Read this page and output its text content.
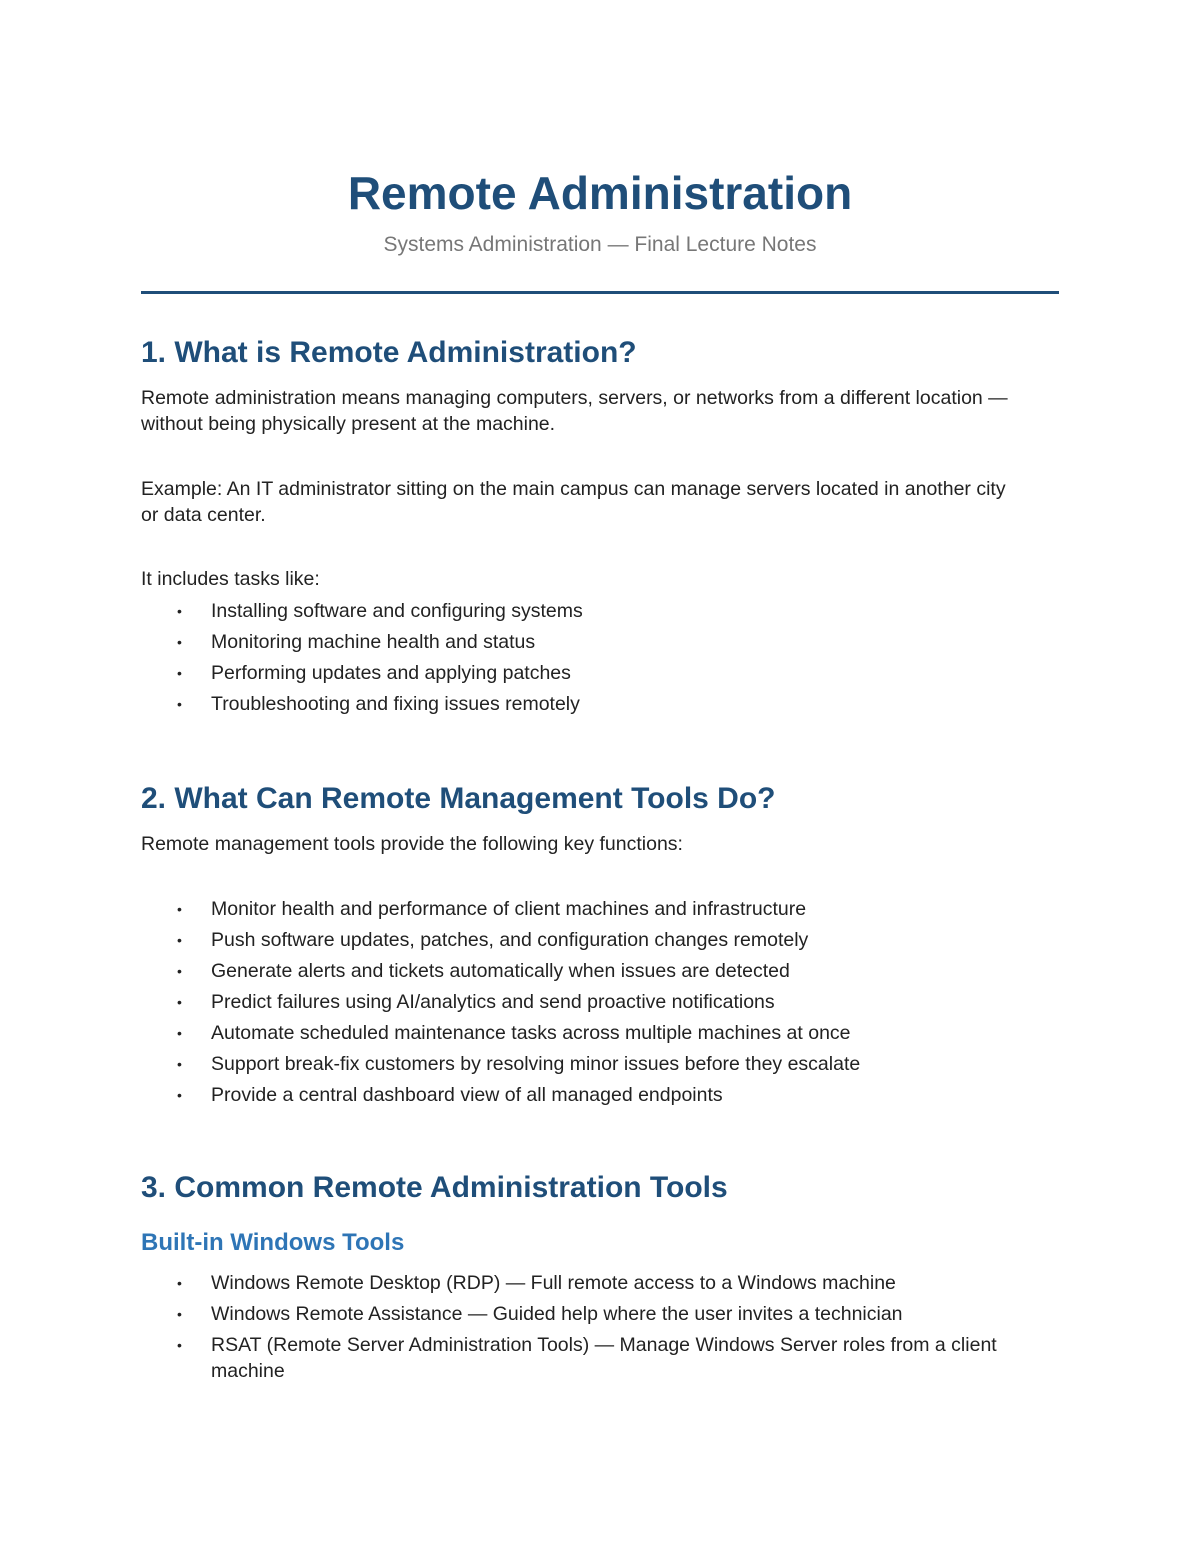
Remote Administration

Systems Administration — Final Lecture Notes

1. What is Remote Administration?

Remote administration means managing computers, servers, or networks from a different location — without being physically present at the machine.

Example: An IT administrator sitting on the main campus can manage servers located in another city or data center.

It includes tasks like:

• Installing software and configuring systems
• Monitoring machine health and status
• Performing updates and applying patches
• Troubleshooting and fixing issues remotely
2. What Can Remote Management Tools Do?

Remote management tools provide the following key functions:

• Monitor health and performance of client machines and infrastructure
• Push software updates, patches, and configuration changes remotely
• Generate alerts and tickets automatically when issues are detected
• Predict failures using AI/analytics and send proactive notifications
• Automate scheduled maintenance tasks across multiple machines at once
• Support break-fix customers by resolving minor issues before they escalate
• Provide a central dashboard view of all managed endpoints
3. Common Remote Administration Tools
Built-in Windows Tools
• Windows Remote Desktop (RDP) — Full remote access to a Windows machine
• Windows Remote Assistance — Guided help where the user invites a technician
• RSAT (Remote Server Administration Tools) — Manage Windows Server roles from a client machine
